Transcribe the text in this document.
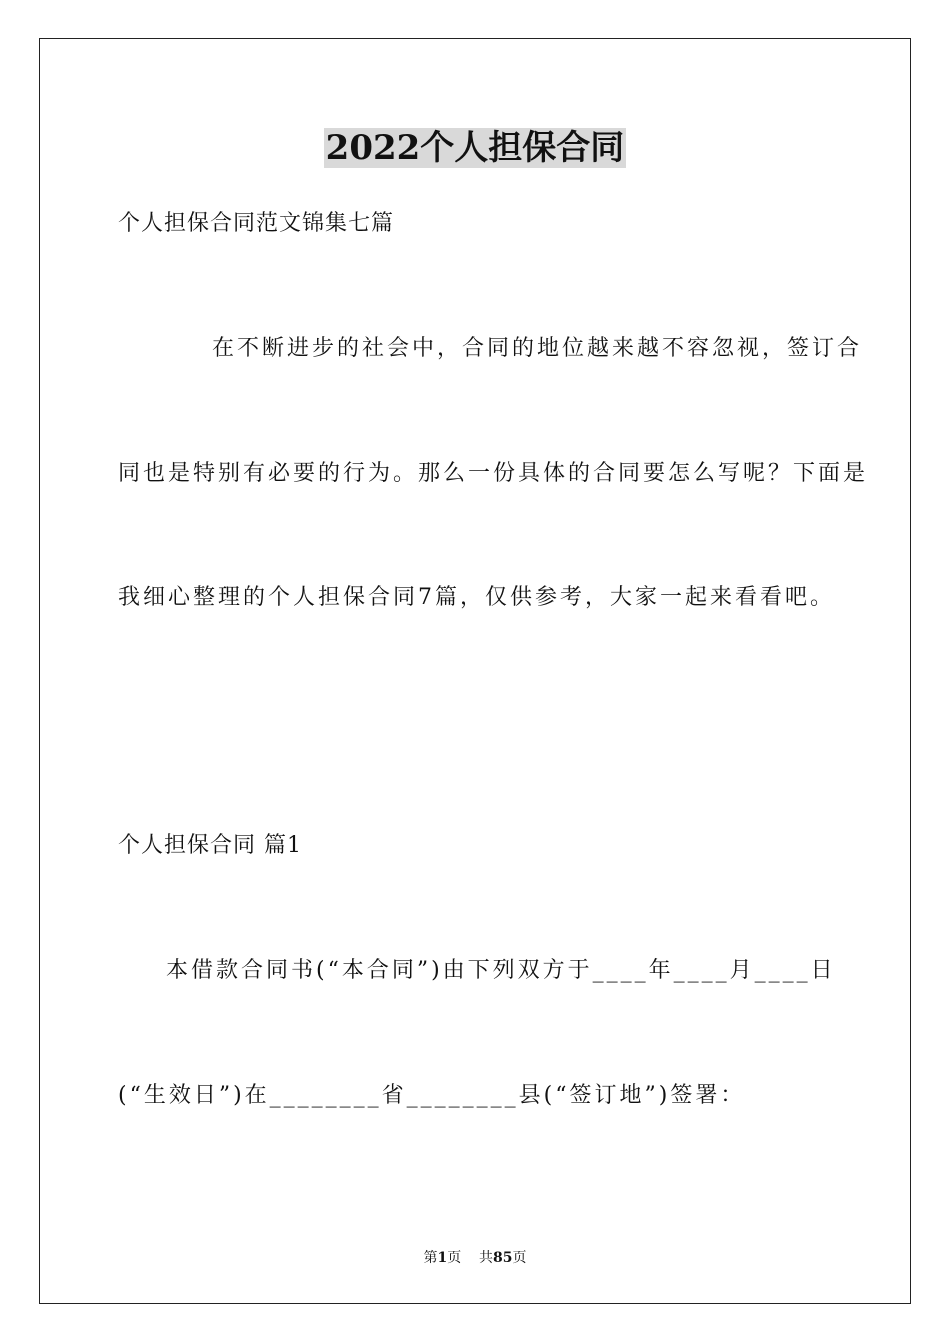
2022个人担保合同
个人担保合同范文锦集七篇
在不断进步的社会中，合同的地位越来越不容忽视，签订合
同也是特别有必要的行为。那么一份具体的合同要怎么写呢？下面是
我细心整理的个人担保合同7篇，仅供参考，大家一起来看看吧。
个人担保合同 篇1
本借款合同书(“本合同”)由下列双方于____年____月____日
(“生效日”)在________省________县(“签订地”)签署：
第1页 共85页
